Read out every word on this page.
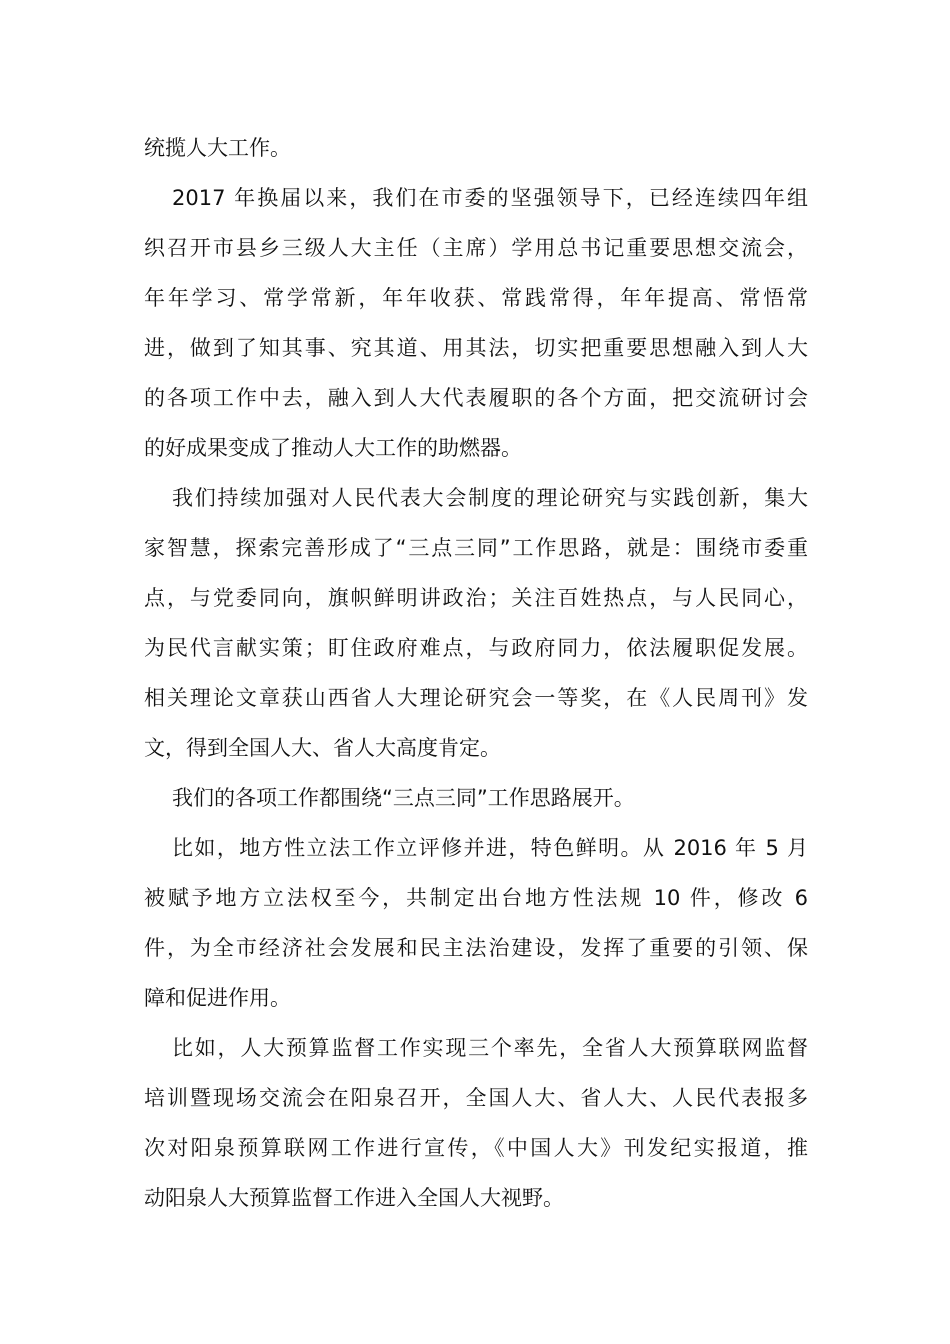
统揽人大工作。
2017 年换届以来，我们在市委的坚强领导下，已经连续四年组
织召开市县乡三级人大主任（主席）学用总书记重要思想交流会，
年年学习、常学常新，年年收获、常践常得，年年提高、常悟常
进，做到了知其事、究其道、用其法，切实把重要思想融入到人大
的各项工作中去，融入到人大代表履职的各个方面，把交流研讨会
的好成果变成了推动人大工作的助燃器。
我们持续加强对人民代表大会制度的理论研究与实践创新，集大
家智慧，探索完善形成了“三点三同”工作思路，就是：围绕市委重
点，与党委同向，旗帜鲜明讲政治；关注百姓热点，与人民同心，
为民代言献实策；盯住政府难点，与政府同力，依法履职促发展。
相关理论文章获山西省人大理论研究会一等奖，在《人民周刊》发
文，得到全国人大、省人大高度肯定。
我们的各项工作都围绕“三点三同”工作思路展开。
比如，地方性立法工作立评修并进，特色鲜明。从 2016 年 5 月
被赋予地方立法权至今，共制定出台地方性法规 10 件，修改 6
件，为全市经济社会发展和民主法治建设，发挥了重要的引领、保
障和促进作用。
比如，人大预算监督工作实现三个率先，全省人大预算联网监督
培训暨现场交流会在阳泉召开，全国人大、省人大、人民代表报多
次对阳泉预算联网工作进行宣传，《中国人大》刊发纪实报道，推
动阳泉人大预算监督工作进入全国人大视野。
